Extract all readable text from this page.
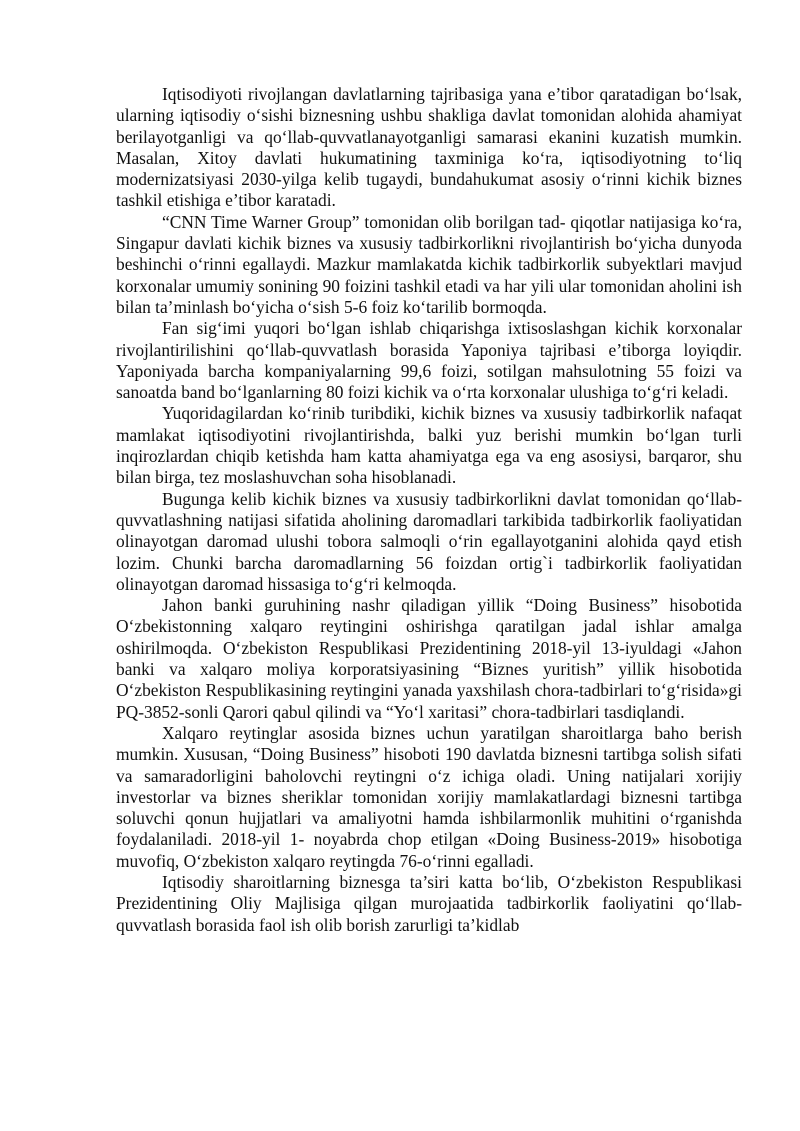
Iqtisodiyoti rivojlangan davlatlarning tajribasiga yana e’tibor qaratadigan bo‘lsak, ularning iqtisodiy o‘sishi biznesning ushbu shakliga davlat tomonidan alohida ahamiyat berilayotganligi va qo‘llab-quvvatlanayotganligi samarasi ekanini kuzatish mumkin. Masalan, Xitoy davlati hukumatining taxminiga ko‘ra, iqtisodiyotning to‘liq modernizatsiyasi 2030-yilga kelib tugaydi, bundahukumat asosiy o‘rinni kichik biznes tashkil etishiga e’tibor karatadi.

“CNN Time Warner Group” tomonidan olib borilgan tad- qiqotlar natijasiga ko‘ra, Singapur davlati kichik biznes va xususiy tadbirkorlikni rivojlantirish bo‘yicha dunyoda beshinchi o‘rinni egallaydi. Mazkur mamlakatda kichik tadbirkorlik subyektlari mavjud korxonalar umumiy sonining 90 foizini tashkil etadi va har yili ular tomonidan aholini ish bilan ta’minlash bo‘yicha o‘sish 5-6 foiz ko‘tarilib bormoqda.

Fan sig‘imi yuqori bo‘lgan ishlab chiqarishga ixtisoslashgan kichik korxonalar rivojlantirilishini qo‘llab-quvvatlash borasida Yaponiya tajribasi e’tiborga loyiqdir. Yaponiyada barcha kompaniyalarning 99,6 foizi, sotilgan mahsulotning 55 foizi va sanoatda band bo‘lganlarning 80 foizi kichik va o‘rta korxonalar ulushiga to‘g‘ri keladi.

Yuqoridagilardan ko‘rinib turibdiki, kichik biznes va xususiy tadbirkorlik nafaqat mamlakat iqtisodiyotini rivojlantirishda, balki yuz berishi mumkin bo‘lgan turli inqirozlardan chiqib ketishda ham katta ahamiyatga ega va eng asosiysi, barqaror, shu bilan birga, tez moslashuvchan soha hisoblanadi.

Bugunga kelib kichik biznes va xususiy tadbirkorlikni davlat tomonidan qo‘llab-quvvatlashning natijasi sifatida aholining daromadlari tarkibida tadbirkorlik faoliyatidan olinayotgan daromad ulushi tobora salmoqli o‘rin egallayotganini alohida qayd etish lozim. Chunki barcha daromadlarning 56 foizdan ortig`i tadbirkorlik faoliyatidan olinayotgan daromad hissasiga to‘g‘ri kelmoqda.

Jahon banki guruhining nashr qiladigan yillik “Doing Business” hisobotida O‘zbekistonning xalqaro reytingini oshirishga qaratilgan jadal ishlar amalga oshirilmoqda. O‘zbekiston Respublikasi Prezidentining 2018-yil 13-iyuldagi «Jahon banki va xalqaro moliya korporatsiyasining “Biznes yuritish” yillik hisobotida O‘zbekiston Respublikasining reytingini yanada yaxshilash chora-tadbirlari to‘g‘risida»gi PQ-3852-sonli Qarori qabul qilindi va “Yo‘l xaritasi” chora-tadbirlari tasdiqlandi.

Xalqaro reytinglar asosida biznes uchun yaratilgan sharoitlarga baho berish mumkin. Xususan, “Doing Business” hisoboti 190 davlatda biznesni tartibga solish sifati va samaradorligini baholovchi reytingni o‘z ichiga oladi. Uning natijalari xorijiy investorlar va biznes sheriklar tomonidan xorijiy mamlakatlardagi biznesni tartibga soluvchi qonun hujjatlari va amaliyotni hamda ishbilarmonlik muhitini o‘rganishda foydalaniladi. 2018-yil 1- noyabrda chop etilgan «Doing Business-2019» hisobotiga muvofiq, O‘zbekiston xalqaro reytingda 76-o‘rinni egalladi.

Iqtisodiy sharoitlarning biznesga ta’siri katta bo‘lib, O‘zbekiston Respublikasi Prezidentining Oliy Majlisiga qilgan murojaatida tadbirkorlik faoliyatini qo‘llab-quvvatlash borasida faol ish olib borish zarurligi ta’kidlab
